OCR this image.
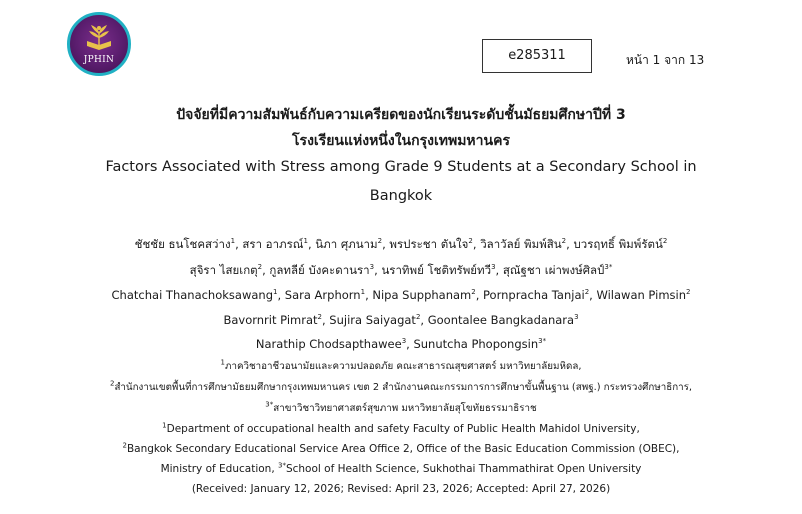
JPHIN	e285311	หน้า 1 จาก 13
ปัจจัยที่มีความสัมพันธ์กับความเครียดของนักเรียนระดับชั้นมัธยมศึกษาปีที่ 3
โรงเรียนแห่งหนึ่งในกรุงเทพมหานคร
Factors Associated with Stress among Grade 9 Students at a Secondary School in
Bangkok
ชัชชัย ธนโชคสว่าง$^1$, สรา อาภรณ์$^1$, นิภา ศุภนาม$^2$, พรประชา ตันใจ$^2$, วิลาวัลย์ พิมพ์สิน$^2$, บวรฤทธิ์ พิมพ์รัตน์$^2$
สุจิรา ไสยเกตุ$^2$, กูลทลีย์ บังคะดานรา$^3$, นราทิพย์ โชติทรัพย์ทวี$^3$, สุณัฐชา เผ่าพงษ์ศิลป์$^{3*}$
Chatchai Thanachoksawang$^1$, Sara Arphorn$^1$, Nipa Supphanam$^2$, Pornpracha Tanjai$^2$, Wilawan Pimsin$^2$
Bavornrit Pimrat$^2$, Sujira Saiyagat$^2$, Goontalee Bangkadanara$^3$
Narathip Chodsapthawee$^3$, Sunutcha Phopongsin$^{3*}$
$^1$ภาควิชาอาชีวอนามัยและความปลอดภัย คณะสาธารณสุขศาสตร์ มหาวิทยาลัยมหิดล,
$^2$สำนักงานเขตพื้นที่การศึกษามัธยมศึกษากรุงเทพมหานคร เขต 2 สำนักงานคณะกรรมการการศึกษาขั้นพื้นฐาน (สพฐ.) กระทรวงศึกษาธิการ,
$^{3*}$สาขาวิชาวิทยาศาสตร์สุขภาพ มหาวิทยาลัยสุโขทัยธรรมาธิราช
$^1$Department of occupational health and safety Faculty of Public Health Mahidol University,
$^2$Bangkok Secondary Educational Service Area Office 2, Office of the Basic Education Commission (OBEC),
Ministry of Education, $^{3*}$School of Health Science, Sukhothai Thammathirat Open University
(Received: January 12, 2026; Revised: April 23, 2026; Accepted: April 27, 2026)
